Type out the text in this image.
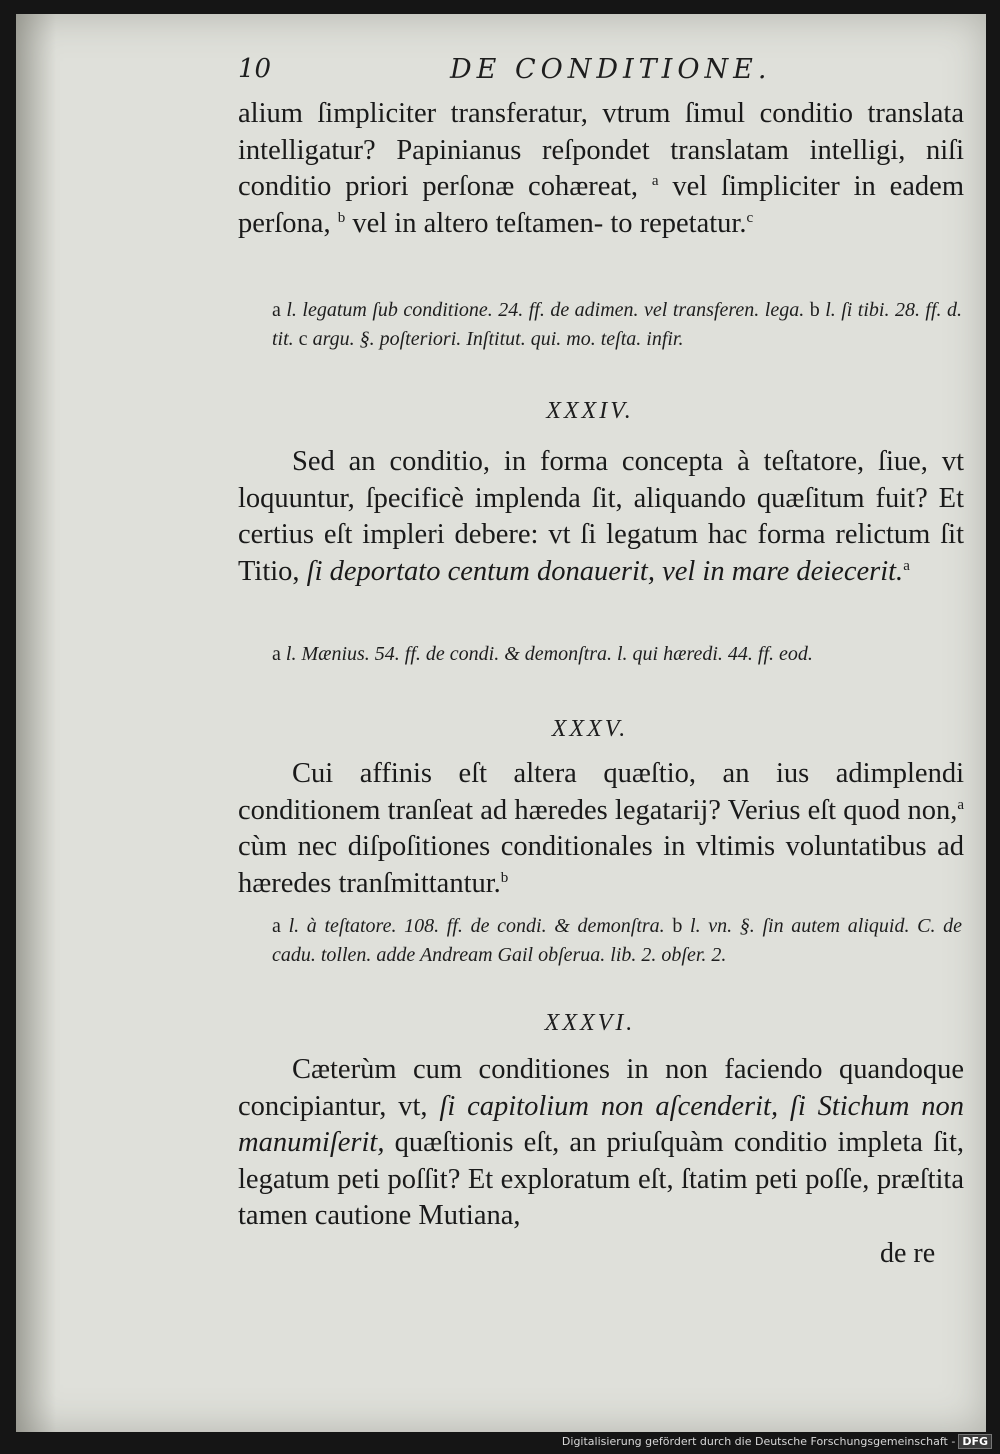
10	DE CONDITIONE.

alium ſimpliciter transferatur, vtrum ſimul conditio translata intelligatur? Papinianus reſpondet translatam intelligi, niſi conditio priori perſonæ cohæreat, $^a$ vel ſimpliciter in eadem perſona, $^b$ vel in altero teſtamen- to repetatur.$^c$

a l. legatum ſub conditione. 24. ff. de adimen. vel transferen. lega. b l. ſi tibi. 28. ff. d. tit. c argu. §. poſteriori. Inſtitut. qui. mo. teſta. infir.

XXXIV.

Sed an conditio, in forma concepta à teſtatore, ſiue, vt loquuntur, ſpecificè implenda ſit, aliquando quæſitum fuit? Et certius eſt impleri debere: vt ſi legatum hac forma relictum ſit Titio, ſi deportato centum donauerit, vel in mare deiecerit.$^a$

a l. Mænius. 54. ff. de condi. & demonſtra. l. qui hæredi. 44. ff. eod.

XXXV.

Cui affinis eſt altera quæſtio, an ius adimplendi conditionem tranſeat ad hæredes legatarij? Verius eſt quod non,$^a$ cùm nec diſpoſitiones conditionales in vltimis voluntatibus ad hæredes tranſmittantur.$^b$

a l. à teſtatore. 108. ff. de condi. & demonſtra. b l. vn. §. ſin autem aliquid. C. de cadu. tollen. adde Andream Gail obſerua. lib. 2. obſer. 2.

XXXVI.

Cæterùm cum conditiones in non faciendo quandoque concipiantur, vt, ſi capitolium non aſcenderit, ſi Stichum non manumiſerit, quæſtionis eſt, an priuſquàm conditio impleta ſit, legatum peti poſſit? Et exploratum eſt, ſtatim peti poſſe, præſtita tamen cautione Mutiana,

de re
Digitalisierung gefördert durch die Deutsche Forschungsgemeinschaft - DFG
